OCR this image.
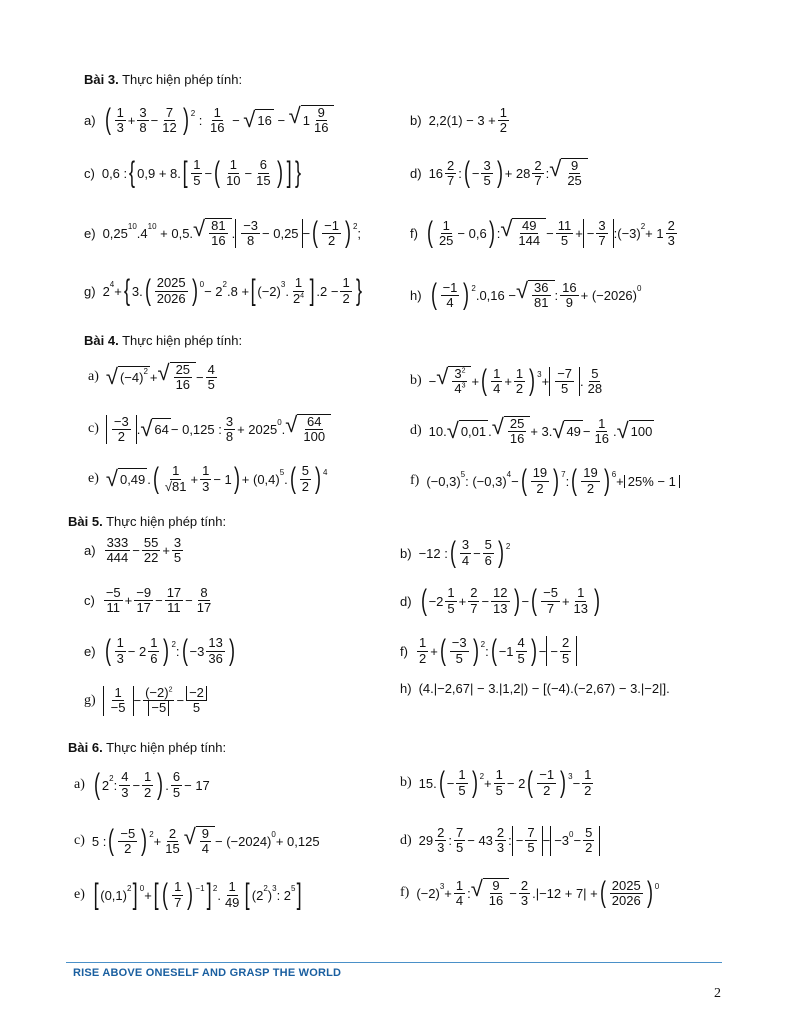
Bài 3. Thực hiện phép tính:
a) ( $\frac{1}{3} + \frac{3}{8} - \frac{7}{12}$ ) 2 : $\frac{1}{16}$ − √ 16 − √ $1 \frac{9}{16}$	b) $2,2(1) - 3 + \frac{1}{2}$
c) 0,6 : { 0,9 + 8. [ $\frac{1}{5}$ − ( $\frac{1}{10} - \frac{6}{15}$ ) ] }	d) $16 \frac{2}{7}$ : ( − $\frac{3}{5}$ ) + $28 \frac{2}{7}$ : √ $\frac{9}{25}$
e) 0,25 10 .4 10 + 0,5. √ $\frac{81}{16}$ . $\frac{-3}{8} - 0,25$ − ( $\frac{-1}{2}$ ) 2 ;	f) ( $\frac{1}{25} - 0,6$ ) : √ $\frac{49}{144} - \frac{11}{5}$ + − $\frac{3}{7}$ :(−3) $2 + 1 \frac{2}{3}$
g) 2 4 + { 3. ( $\frac{2025}{2026}$ ) 0 − 2 2 .8 + [ (−2) 3 . $\frac{1}{2^4}$ ] $.2 - \frac{1}{2}$ }	h) ( $\frac{-1}{4}$ ) 2 .0,16 − √ $\frac{36}{81}$ : $\frac{16}{9} + (-2026)$ 0
Bài 4. Thực hiện phép tính:
a) √ (−4) 2 + √ $\frac{25}{16} - \frac{4}{5}$	b) − √ $\frac{3^2}{4^3}$ + ( $\frac{1}{4} + \frac{1}{2}$ ) $3 + \frac{-7}{5}$ . $\frac{5}{28}$
$c) \frac{-3}{2}$ . √ 64 − 0,125 : $\frac{3}{8} + 2025$ 0 . √ $\frac{64}{100}$	d) 10. √ 0,01 . √ $\frac{25}{16} + 3$. √ $49 - \frac{1}{16}$ . √ 100
e) √ 0,49 . ( $\frac{1}{√81} + \frac{1}{3} - 1$ ) + (0,4) 5 . ( $\frac{5}{2}$ ) 4
f) (−0,3) 5 : (−0,3) 4 − ( $\frac{19}{2}$ ) 7 : ( $\frac{19}{2}$ ) 6 + 25% − 1
Bài 5. Thực hiện phép tính:
$a) \frac{333}{444} - \frac{55}{22} + \frac{3}{5}$	b) −12 : ( $\frac{3}{4} - \frac{5}{6}$ ) 2
$c) \frac{-5}{11} + \frac{-9}{17} - \frac{17}{11} - \frac{8}{17}$	d) ( $-2 \frac{1}{5} + \frac{2}{7} - \frac{12}{13}$ ) − ( $\frac{-5}{7} + \frac{1}{13}$ )
e) ( $\frac{1}{3} - 2 \frac{1}{6}$ ) 2 : ( $-3 \frac{13}{36}$ )	$f) \frac{1}{2}$ + ( $\frac{-3}{5}$ ) 2 : ( $-1 \frac{4}{5}$ ) − − $\frac{2}{5}$
$g) \frac{1}{-5} - \frac{(-2)^2}{-5} - \frac{-2}{5}$	h) (4.|−2,67| − 3.|1,2|) − [(−4).(−2,67) − 3.|−2|].
Bài 6. Thực hiện phép tính:
a) ( 2 2 : $\frac{4}{3} - \frac{1}{2}$ ) . $\frac{6}{5} - 17$	b) 15. ( − $\frac{1}{5}$ ) $2 + \frac{1}{5} - 2$ ( $\frac{-1}{2}$ ) $3 - \frac{1}{2}$
c) 5 : ( $\frac{-5}{2}$ ) $2 + \frac{2}{15}$ √ $\frac{9}{4} - (-2024) 0 + 0,125$	d) $29 \frac{2}{3}$ : $\frac{7}{5} - 43 \frac{2}{3}$ : − $\frac{7}{5} - -3$ $0 - \frac{5}{2}$
e) [ (0,1) 2 ] 0 + [ ( $\frac{1}{7}$ ) −1 ] 2 . $\frac{1}{49}$ [ (2 2 ) 3 : 2 5 ]	f) (−2) $3 + \frac{1}{4}$ : √ $\frac{9}{16} - \frac{2}{3} .|-12 + 7|$ + ( $\frac{2025}{2026}$ ) 0
RISE ABOVE ONESELF AND GRASP THE WORLD
2
